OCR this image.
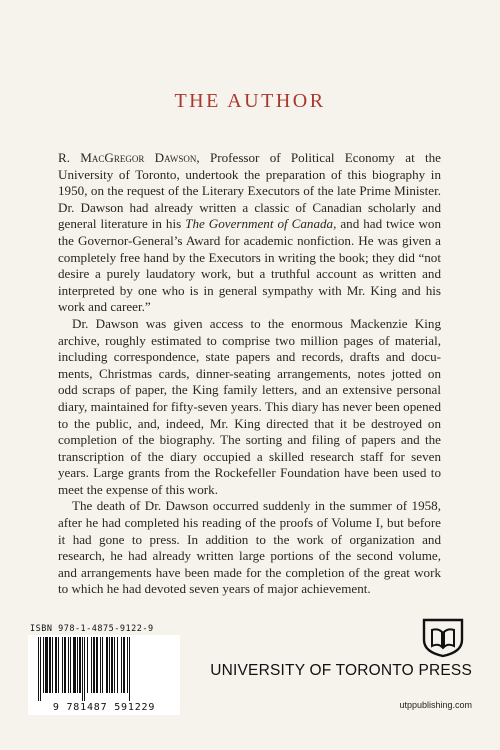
THE AUTHOR

R. MacGregor Dawson, Professor of Political Economy at the University of Toronto, undertook the preparation of this biography in 1950, on the request of the Literary Executors of the late Prime Minister. Dr. Dawson had already written a classic of Canadian scholarly and general literature in his The Government of Canada, and had twice won the Governor-General’s Award for academic nonfiction. He was given a completely free hand by the Executors in writing the book; they did “not desire a purely laudatory work, but a truthful account as written and interpreted by one who is in general sympathy with Mr. King and his work and career.”

Dr. Dawson was given access to the enormous Mackenzie King archive, roughly estimated to comprise two million pages of material, including correspondence, state papers and records, drafts and documents, Christmas cards, dinner-seating arrangements, notes jotted on odd scraps of paper, the King family letters, and an extensive personal diary, maintained for fifty-seven years. This diary has never been opened to the public, and, indeed, Mr. King directed that it be destroyed on completion of the biography. The sorting and filing of papers and the transcription of the diary occupied a skilled research staff for seven years. Large grants from the Rockefeller Foundation have been used to meet the expense of this work.

The death of Dr. Dawson occurred suddenly in the summer of 1958, after he had completed his reading of the proofs of Volume I, but before it had gone to press. In addition to the work of organization and research, he had already written large portions of the second volume, and arrangements have been made for the completion of the great work to which he had devoted seven years of major achievement.

ISBN 978-1-4875-9122-9
9 781487 591229
UNIVERSITY OF TORONTO PRESS
utppublishing.com
